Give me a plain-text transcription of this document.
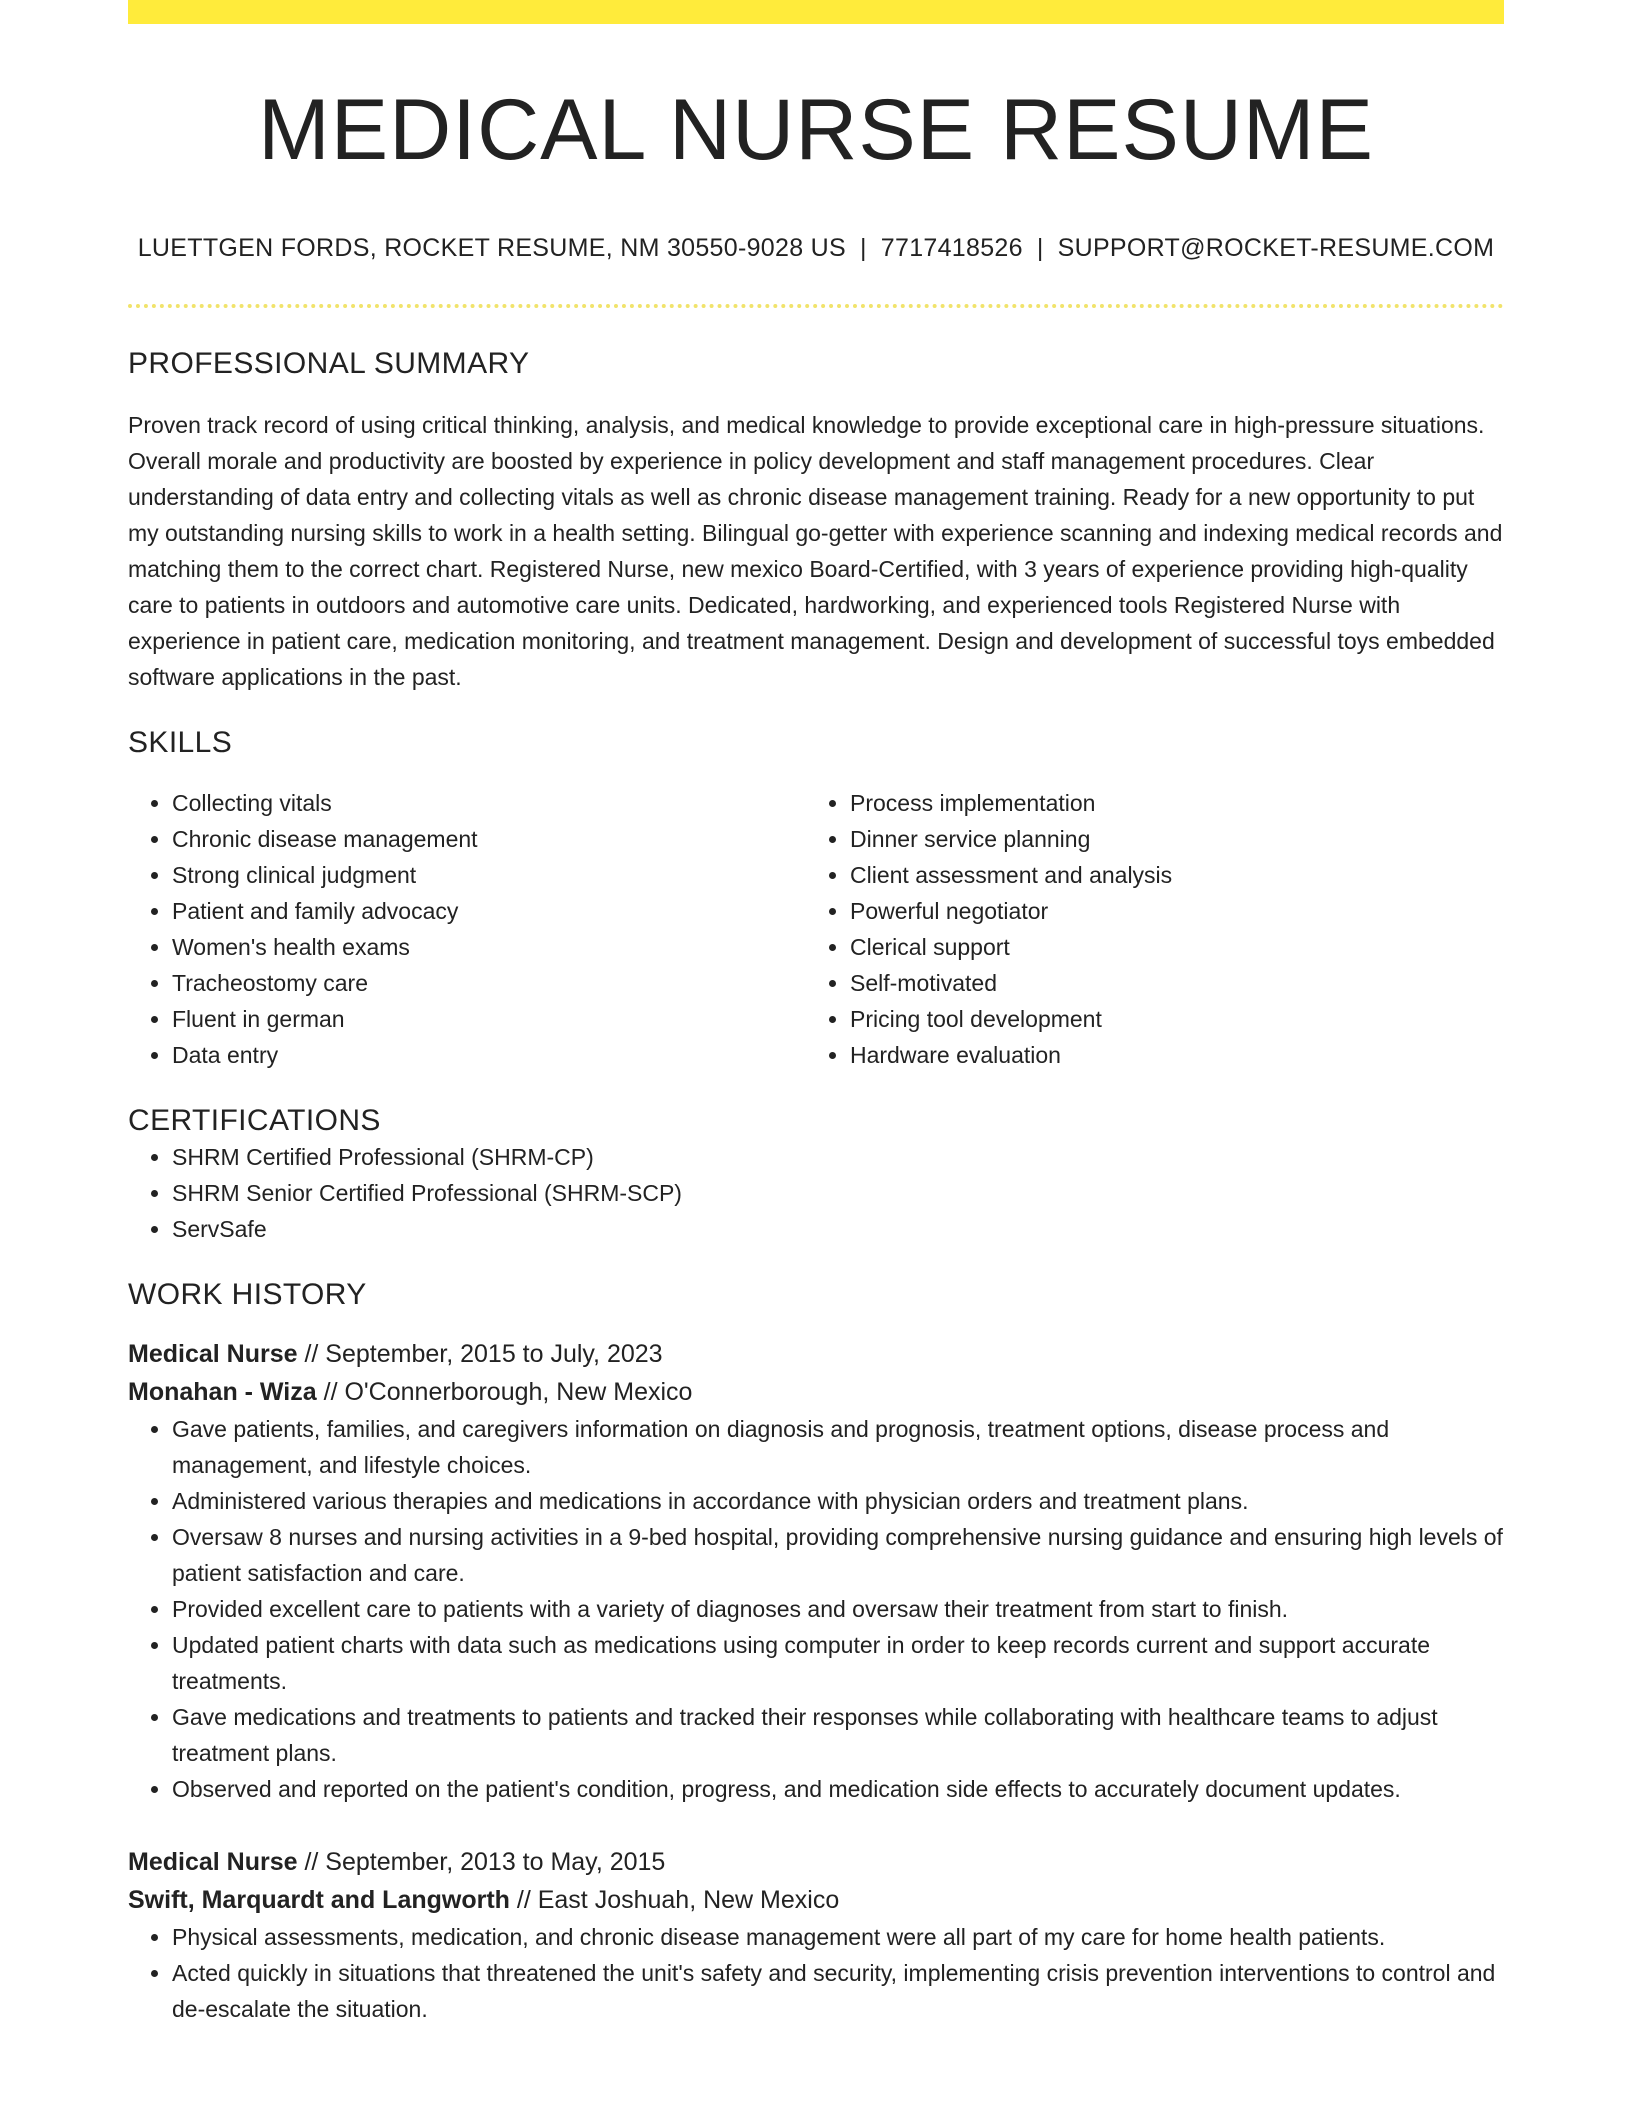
MEDICAL NURSE RESUME
LUETTGEN FORDS, ROCKET RESUME, NM 30550-9028 US | 7717418526 | SUPPORT@ROCKET-RESUME.COM
PROFESSIONAL SUMMARY
Proven track record of using critical thinking, analysis, and medical knowledge to provide exceptional care in high-pressure situations. Overall morale and productivity are boosted by experience in policy development and staff management procedures. Clear understanding of data entry and collecting vitals as well as chronic disease management training. Ready for a new opportunity to put my outstanding nursing skills to work in a health setting. Bilingual go-getter with experience scanning and indexing medical records and matching them to the correct chart. Registered Nurse, new mexico Board-Certified, with 3 years of experience providing high-quality care to patients in outdoors and automotive care units. Dedicated, hardworking, and experienced tools Registered Nurse with experience in patient care, medication monitoring, and treatment management. Design and development of successful toys embedded software applications in the past.
SKILLS
• Collecting vitals
• Chronic disease management
• Strong clinical judgment
• Patient and family advocacy
• Women's health exams
• Tracheostomy care
• Fluent in german
• Data entry
• Process implementation
• Dinner service planning
• Client assessment and analysis
• Powerful negotiator
• Clerical support
• Self-motivated
• Pricing tool development
• Hardware evaluation
CERTIFICATIONS
• SHRM Certified Professional (SHRM-CP)
• SHRM Senior Certified Professional (SHRM-SCP)
• ServSafe
WORK HISTORY
Medical Nurse // September, 2015 to July, 2023
Monahan - Wiza // O'Connerborough, New Mexico
• Gave patients, families, and caregivers information on diagnosis and prognosis, treatment options, disease process and management, and lifestyle choices.
• Administered various therapies and medications in accordance with physician orders and treatment plans.
• Oversaw 8 nurses and nursing activities in a 9-bed hospital, providing comprehensive nursing guidance and ensuring high levels of patient satisfaction and care.
• Provided excellent care to patients with a variety of diagnoses and oversaw their treatment from start to finish.
• Updated patient charts with data such as medications using computer in order to keep records current and support accurate treatments.
• Gave medications and treatments to patients and tracked their responses while collaborating with healthcare teams to adjust treatment plans.
• Observed and reported on the patient's condition, progress, and medication side effects to accurately document updates.
Medical Nurse // September, 2013 to May, 2015
Swift, Marquardt and Langworth // East Joshuah, New Mexico
• Physical assessments, medication, and chronic disease management were all part of my care for home health patients.
• Acted quickly in situations that threatened the unit's safety and security, implementing crisis prevention interventions to control and de-escalate the situation.
